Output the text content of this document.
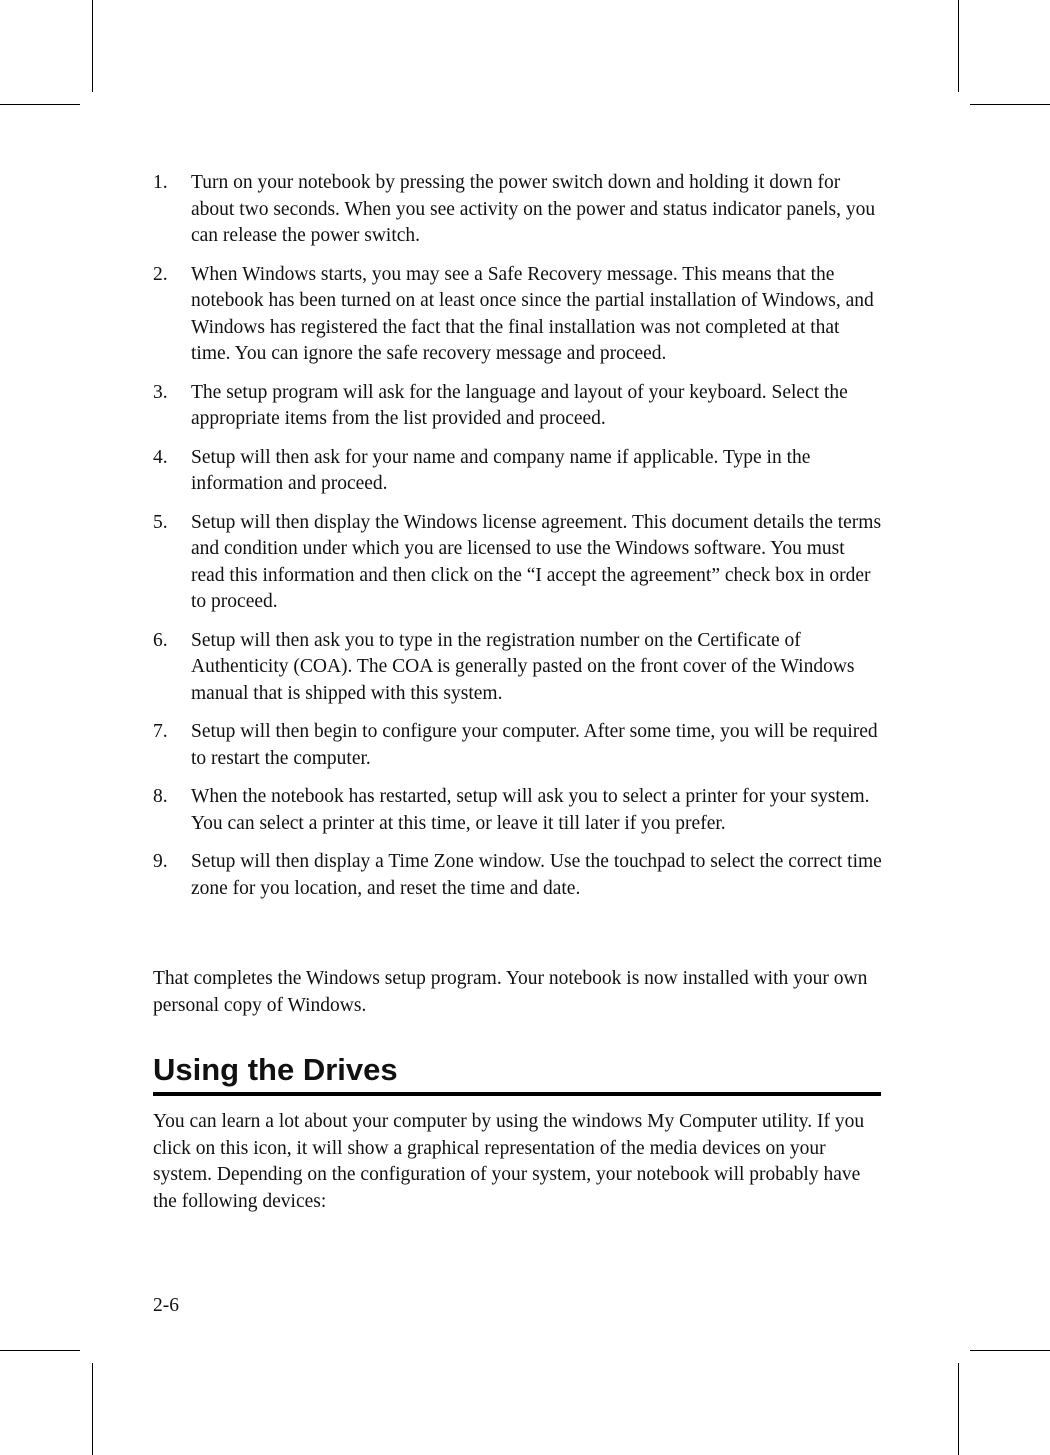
1. Turn on your notebook by pressing the power switch down and holding it down for about two seconds. When you see activity on the power and status indicator panels, you can release the power switch.
2. When Windows starts, you may see a Safe Recovery message. This means that the notebook has been turned on at least once since the partial installation of Windows, and Windows has registered the fact that the final installation was not completed at that time. You can ignore the safe recovery message and proceed.
3. The setup program will ask for the language and layout of your keyboard. Select the appropriate items from the list provided and proceed.
4. Setup will then ask for your name and company name if applicable. Type in the information and proceed.
5. Setup will then display the Windows license agreement. This document details the terms and condition under which you are licensed to use the Windows software. You must read this information and then click on the “I accept the agreement” check box in order to proceed.
6. Setup will then ask you to type in the registration number on the Certificate of Authenticity (COA). The COA is generally pasted on the front cover of the Windows manual that is shipped with this system.
7. Setup will then begin to configure your computer. After some time, you will be required to restart the computer.
8. When the notebook has restarted, setup will ask you to select a printer for your system. You can select a printer at this time, or leave it till later if you prefer.
9. Setup will then display a Time Zone window. Use the touchpad to select the correct time zone for you location, and reset the time and date.

That completes the Windows setup program. Your notebook is now installed with your own personal copy of Windows.

Using the Drives

You can learn a lot about your computer by using the windows My Computer utility. If you click on this icon, it will show a graphical representation of the media devices on your system. Depending on the configuration of your system, your notebook will probably have the following devices:

2-6
